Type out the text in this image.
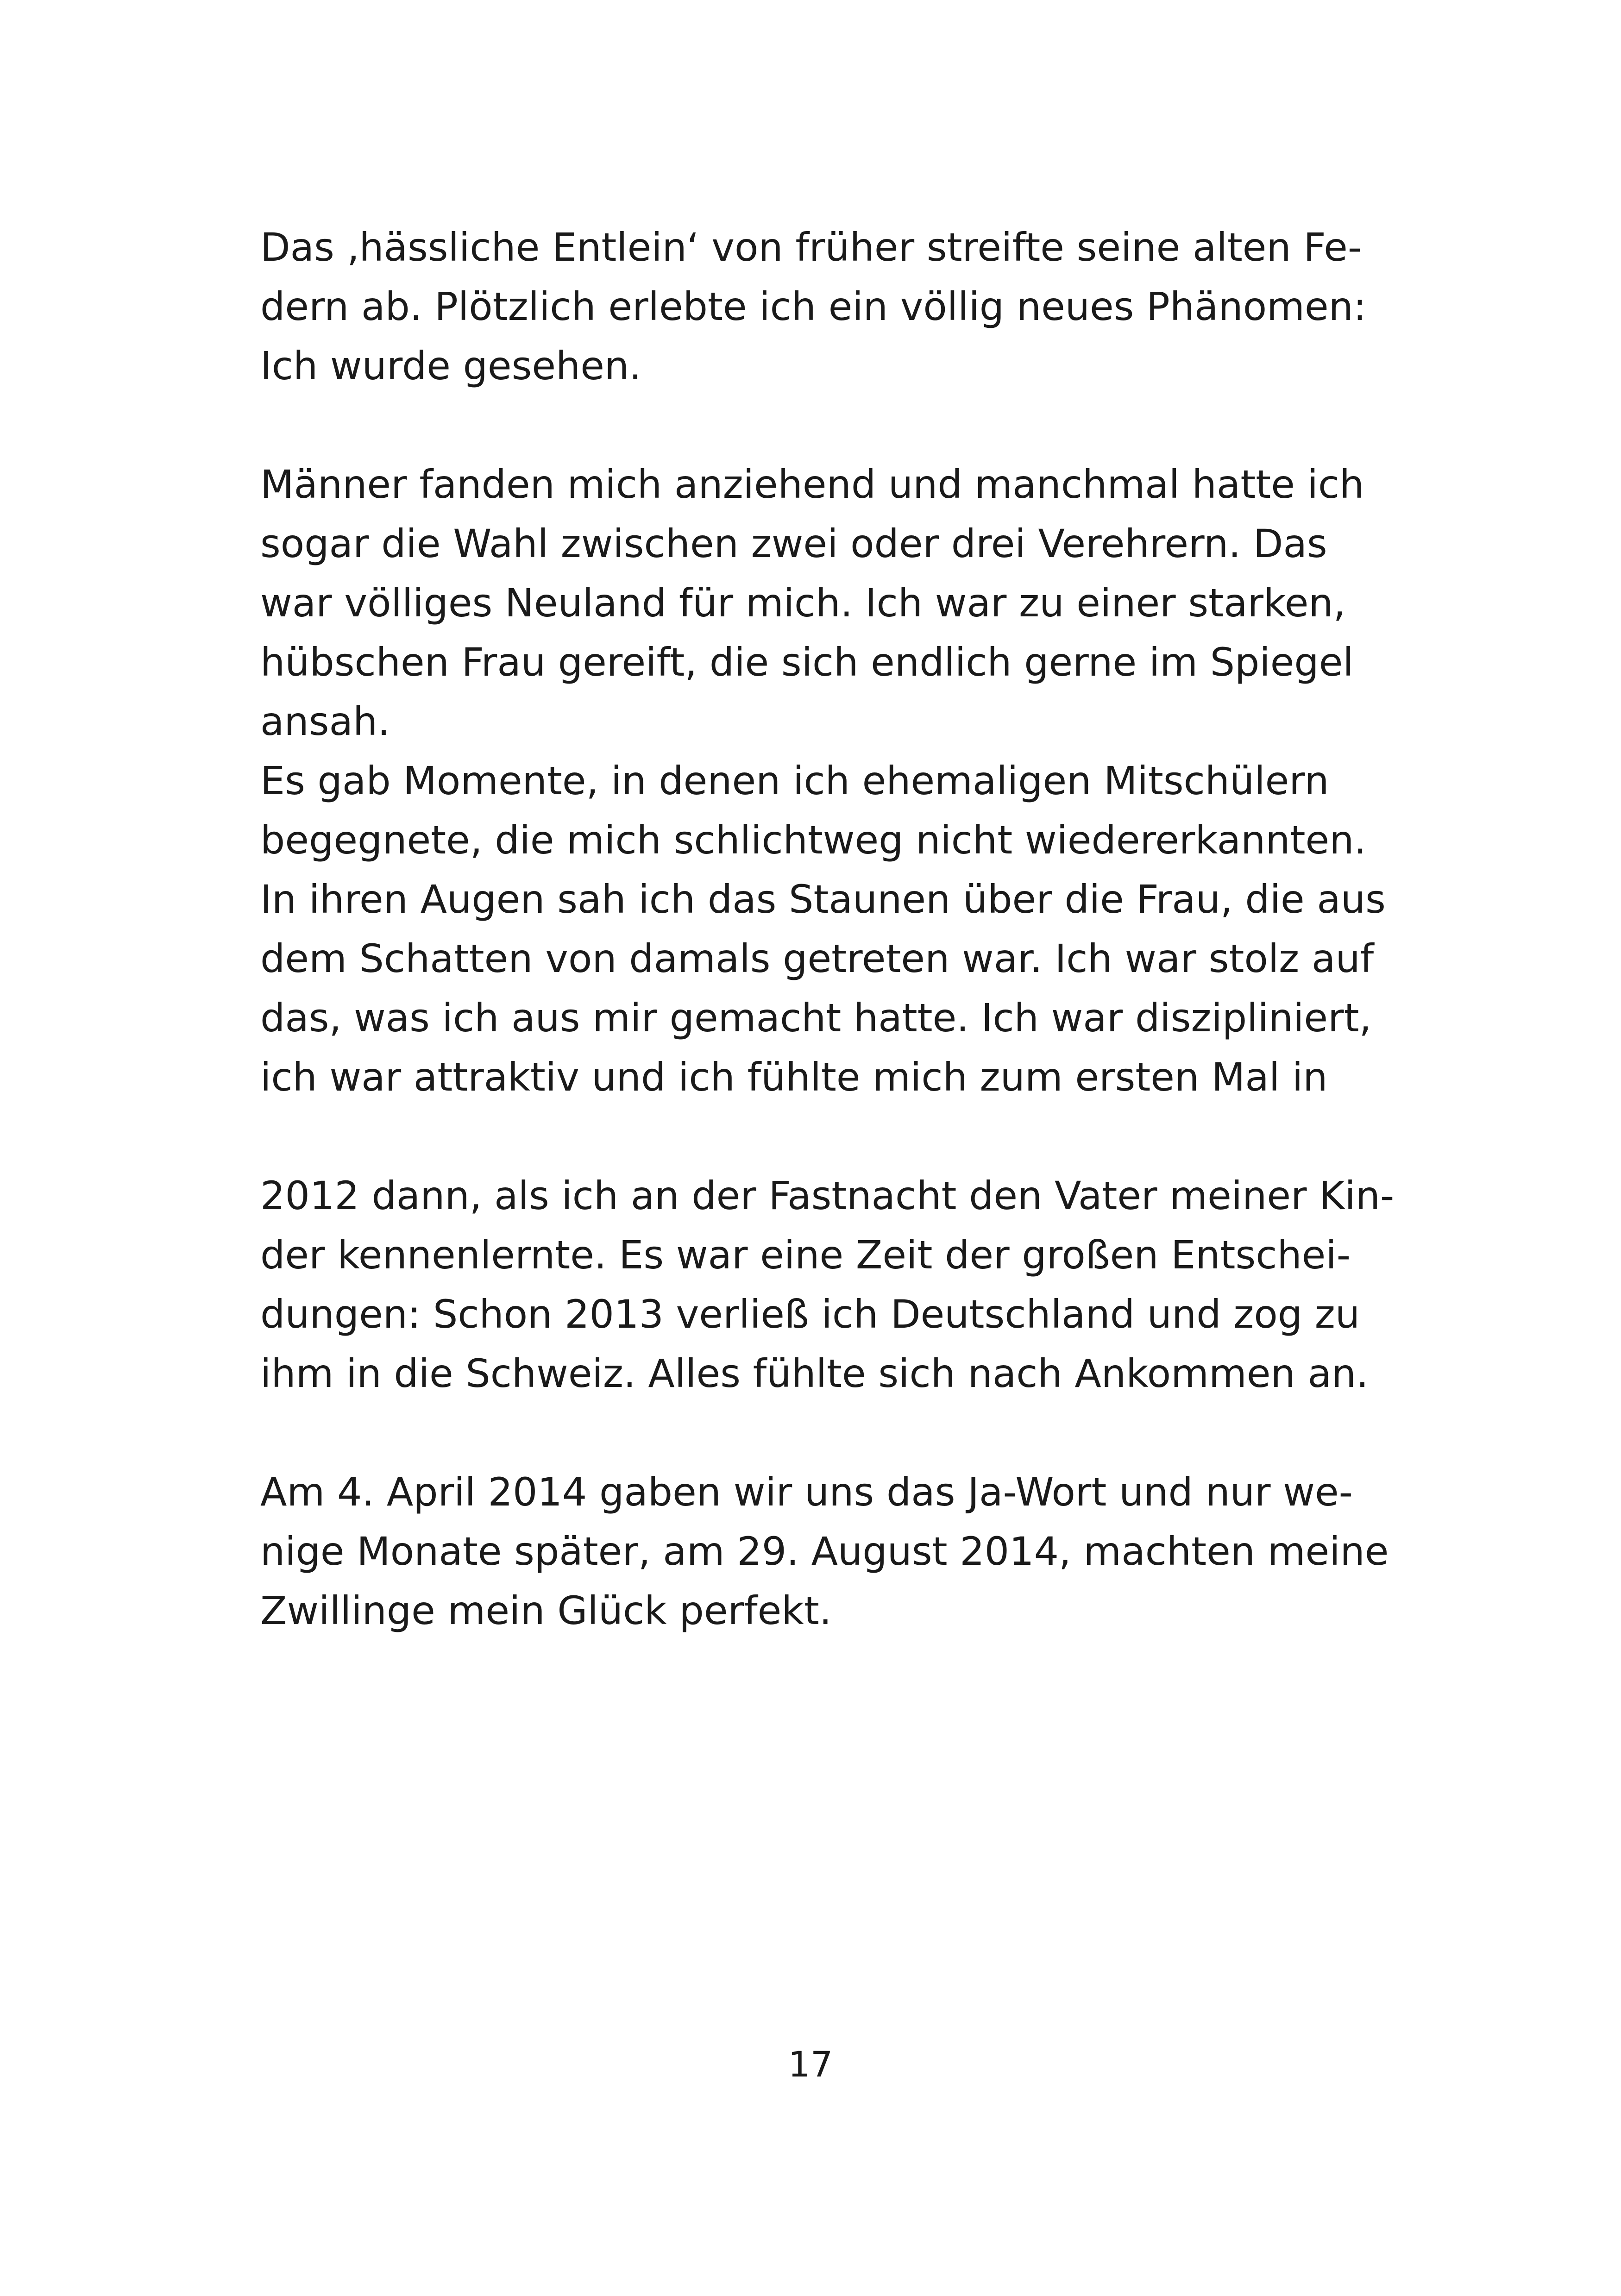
Das ‚hässliche Entlein‘ von früher streifte seine alten Fe-
dern ab. Plötzlich erlebte ich ein völlig neues Phänomen:
Ich wurde gesehen.
Männer fanden mich anziehend und manchmal hatte ich
sogar die Wahl zwischen zwei oder drei Verehrern. Das
war völliges Neuland für mich. Ich war zu einer starken,
hübschen Frau gereift, die sich endlich gerne im Spiegel
ansah.
Es gab Momente, in denen ich ehemaligen Mitschülern
begegnete, die mich schlichtweg nicht wiedererkannten.
In ihren Augen sah ich das Staunen über die Frau, die aus
dem Schatten von damals getreten war. Ich war stolz auf
das, was ich aus mir gemacht hatte. Ich war diszipliniert,
ich war attraktiv und ich fühlte mich zum ersten Mal in
2012 dann, als ich an der Fastnacht den Vater meiner Kin-
der kennenlernte. Es war eine Zeit der großen Entschei-
dungen: Schon 2013 verließ ich Deutschland und zog zu
ihm in die Schweiz. Alles fühlte sich nach Ankommen an.
Am 4. April 2014 gaben wir uns das Ja-Wort und nur we-
nige Monate später, am 29. August 2014, machten meine
Zwillinge mein Glück perfekt.
17
